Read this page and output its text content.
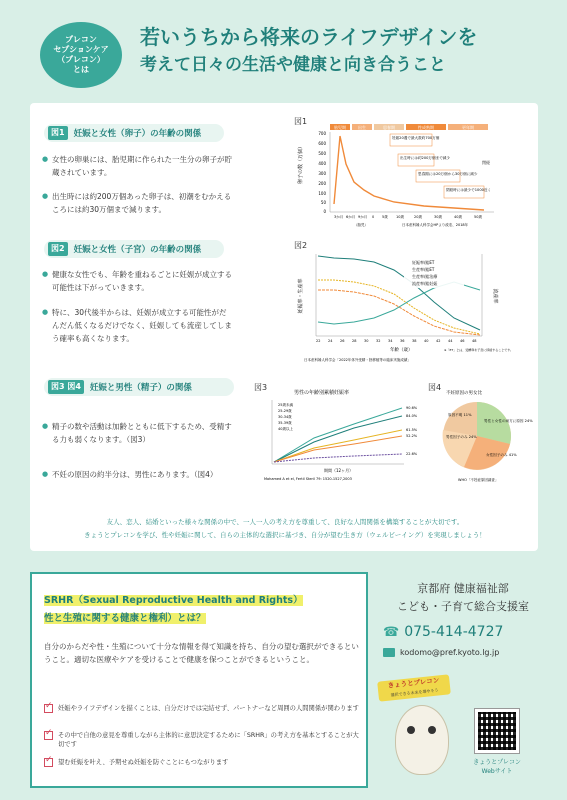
プレコン
セプションケア
（プレコン）
とは
若いうちから将来のライフデザインを
考えて日々の生活や健康と向き合うこと
図1	妊娠と女性（卵子）の年齢の関係
● 女性の卵巣には、胎児期に作られた一生分の卵子が貯蔵されています。
● 出生時には約200万個あった卵子は、初潮をむかえるころには約30万個まで減ります。
図2	妊娠と女性（子宮）の年齢の関係
● 健康な女性でも、年齢を重ねるごとに妊娠が成立する可能性は下がっていきます。
● 特に、30代後半からは、妊娠が成立する可能性がだんだん低くなるだけでなく、妊娠しても流産してしまう確率も高くなります。
図3 図4	妊娠と男性（精子）の関係
● 精子の数や活動は加齢とともに低下するため、受精する力も弱くなります。（図3）
● 不妊の原因の約半分は、男性にあります。（図4）
図1
胎児期	出生	思春期	性成熟期	更年期
700
600
500
400
300
200
100
50
0
卵子の数（万個）
妊娠20週で最大数約700万個
出生時には約200万個まで減少
思春期には20万個から30万個に減少
閉経時には最少で1000近く
閉経
3か月 6か月 9か月 0 5歳 10歳	20歳	30歳	40歳	50歳
（胎児）	日本産科婦人科学会HPより改変、2018年
図2
妊娠率・生産率	流産率
妊娠率/総ET
生産率/総ET
生産率/総治療
流産率/総妊娠
22 24 26 28 30 32 34 36 38 40 42 44 46 48
年齢（歳）
日本産科婦人科学会「2022年体外受精・胚移植等の臨床実施成績」
※「ET」とは、受精卵を子宮に移植することです。
図3
男性の年齢別累積妊娠率
25歳未満
25-29歳
30-34歳
35-39歳
40歳以上
90.6%
84.0%
61.5%
52.2%
22.6%
期間（12ヶ月）
Mohamed A et el, Fertil Steril 79: 1520-1527,2003
図4
不妊原因の男女比
男性と女性の両方に原因 24%
女性因子のみ 41%
男性因子のみ 24%
原因不明 11%
WHO「不妊症原因調査」
友人、恋人、結婚といった様々な関係の中で、一人一人の考え方を尊重して、良好な人間関係を構築することが大切です。
きょうとプレコンを学び、性や妊娠に関して、自らの主体的な選択に基づき、自分が望む生き方（ウェルビーイング）を実現しましょう！
SRHR（Sexual Reproductive Health and Rights）
性と生殖に関する健康と権利）とは？
自分のからだや性・生殖について十分な情報を得て知識を持ち、自分の望む選択ができるということ。適切な医療やケアを受けることで健康を保つことができるということ。
✓
妊娠やライフデザインを描くことは、自分だけでは完結せず、パートナーなど周囲の人間関係が関わります
✓
その中で自他の意見を尊重しながら主体的に意思決定するために「SRHR」の考え方を基本とすることが大切です
✓
望む妊娠を叶え、予期せぬ妊娠を防ぐことにもつながります
京都府 健康福祉部
こども・子育て総合支援室
☎ 075-414-4727
kodomo@pref.kyoto.lg.jp
きょうとプレコン
選択できる未来を増やそう
きょうとプレコン
Webサイト
